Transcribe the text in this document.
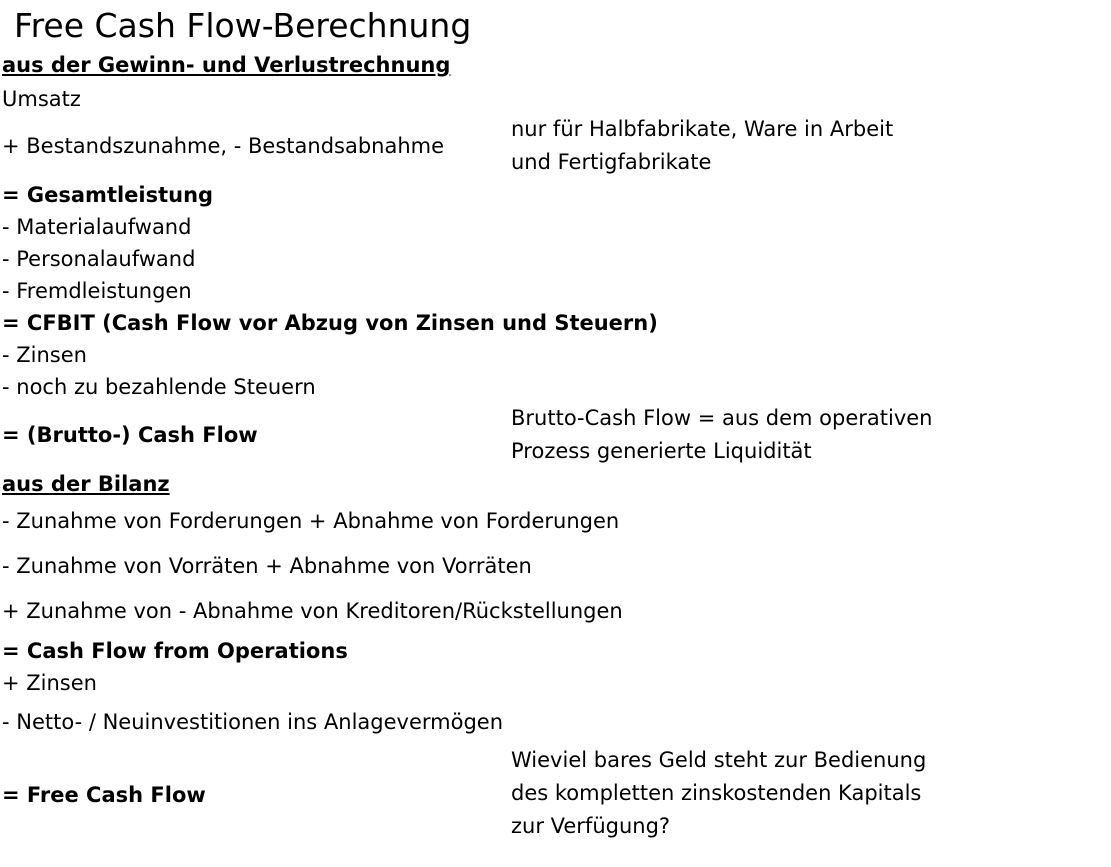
Free Cash Flow-Berechnung
aus der Gewinn- und Verlustrechnung
Umsatz
+ Bestandszunahme, - Bestandsabnahme
= Gesamtleistung
- Materialaufwand
- Personalaufwand
- Fremdleistungen
= CFBIT (Cash Flow vor Abzug von Zinsen und Steuern)
- Zinsen
- noch zu bezahlende Steuern
= (Brutto-) Cash Flow
aus der Bilanz
- Zunahme von Forderungen + Abnahme von Forderungen
- Zunahme von Vorräten + Abnahme von Vorräten
+ Zunahme von - Abnahme von Kreditoren/Rückstellungen
= Cash Flow from Operations
+ Zinsen
- Netto- / Neuinvestitionen ins Anlagevermögen
= Free Cash Flow
nur für Halbfabrikate, Ware in Arbeit
und Fertigfabrikate
Brutto-Cash Flow = aus dem operativen
Prozess generierte Liquidität
Wieviel bares Geld steht zur Bedienung
des kompletten zinskostenden Kapitals
zur Verfügung?
